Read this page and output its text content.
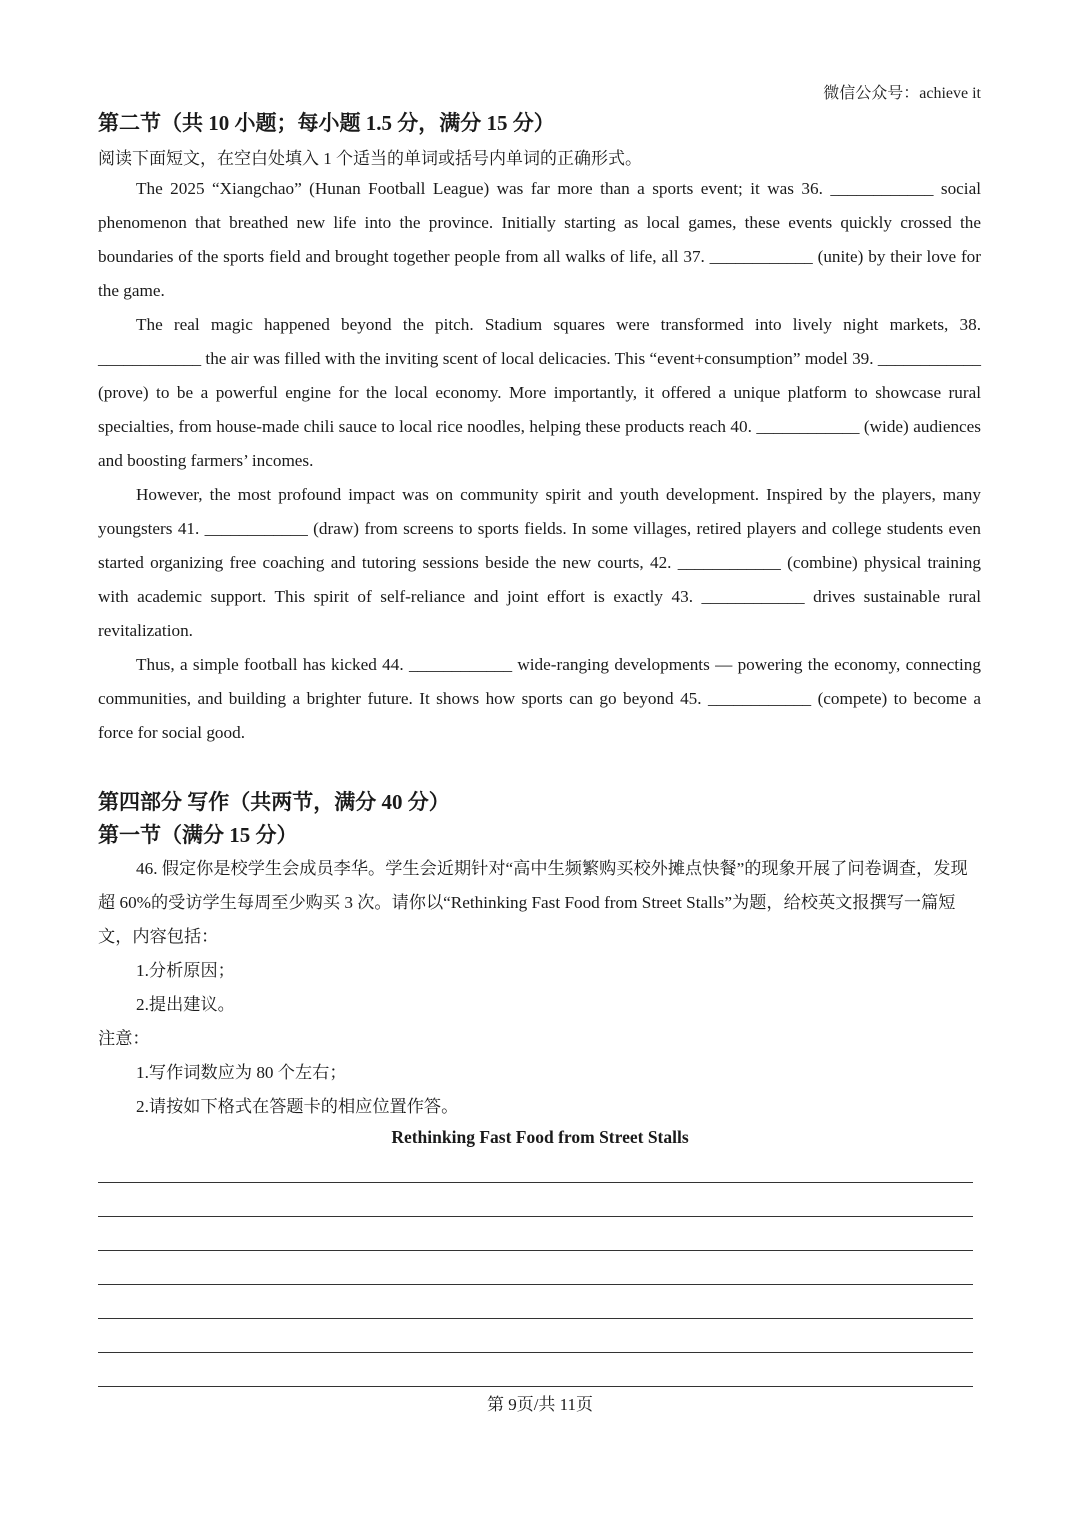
微信公众号：achieve it
第二节（共 10 小题；每小题 1.5 分，满分 15 分）
阅读下面短文，在空白处填入 1 个适当的单词或括号内单词的正确形式。

The 2025 “Xiangchao” (Hunan Football League) was far more than a sports event; it was 36. ____________ social phenomenon that breathed new life into the province. Initially starting as local games, these events quickly crossed the boundaries of the sports field and brought together people from all walks of life, all 37. ____________ (unite) by their love for the game.

The real magic happened beyond the pitch. Stadium squares were transformed into lively night markets, 38. ____________ the air was filled with the inviting scent of local delicacies. This “event+consumption” model 39. ____________ (prove) to be a powerful engine for the local economy. More importantly, it offered a unique platform to showcase rural specialties, from house-made chili sauce to local rice noodles, helping these products reach 40. ____________ (wide) audiences and boosting farmers’ incomes.

However, the most profound impact was on community spirit and youth development. Inspired by the players, many youngsters 41. ____________ (draw) from screens to sports fields. In some villages, retired players and college students even started organizing free coaching and tutoring sessions beside the new courts, 42. ____________ (combine) physical training with academic support. This spirit of self-reliance and joint effort is exactly 43. ____________ drives sustainable rural revitalization.

Thus, a simple football has kicked 44. ____________ wide-ranging developments — powering the economy, connecting communities, and building a brighter future. It shows how sports can go beyond 45. ____________ (compete) to become a force for social good.

第四部分 写作（共两节，满分 40 分）
第一节（满分 15 分）

46. 假定你是校学生会成员李华。学生会近期针对“高中生频繁购买校外摊点快餐”的现象开展了问卷调查，发现超 60%的受访学生每周至少购买 3 次。请你以“Rethinking Fast Food from Street Stalls”为题，给校英文报撰写一篇短文，内容包括：

1.分析原因；

2.提出建议。

注意：

1.写作词数应为 80 个左右；

2.请按如下格式在答题卡的相应位置作答。

Rethinking Fast Food from Street Stalls
第 9页/共 11页
